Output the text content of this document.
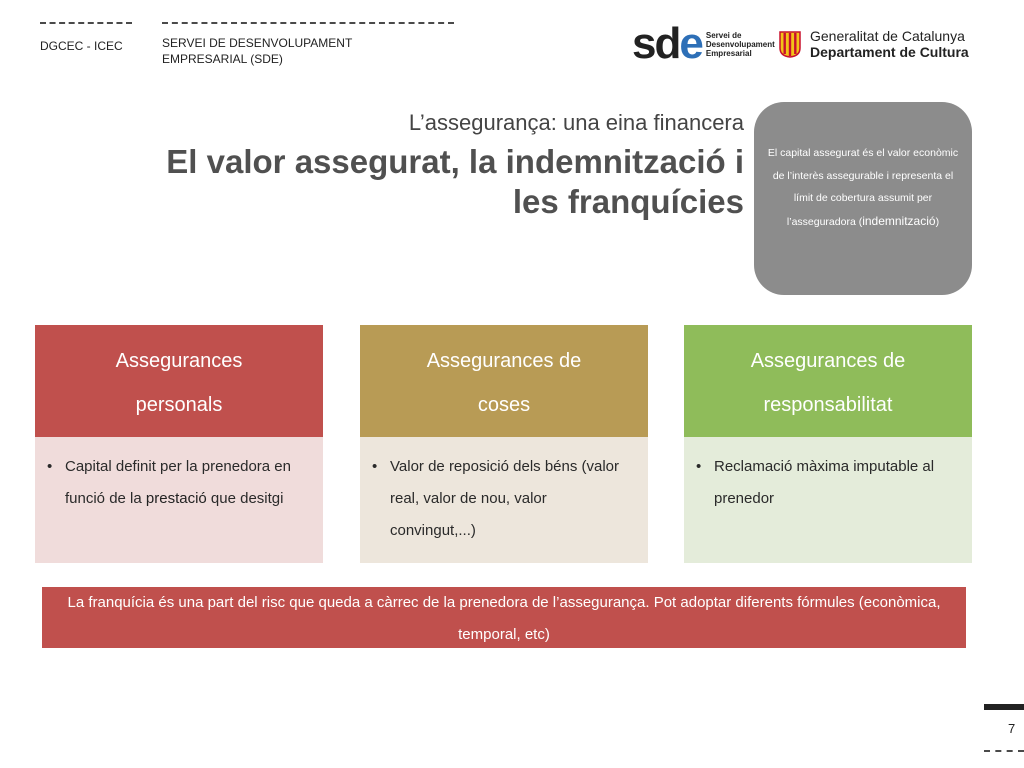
DGCEC - ICEC	SERVEI DE DESENVOLUPAMENT
EMPRESARIAL (SDE)	sde Servei de
Desenvolupament
Empresarial
Generalitat de Catalunya
Departament de Cultura
L’assegurança: una eina financera
El valor assegurat, la indemnització i
les franquícies
El capital assegurat és el valor econòmic de l’interès assegurable i representa el límit de cobertura assumit per l’asseguradora (indemnització)
Assegurances
personals
• Capital definit per la prenedora en funció de la prestació que desitgi
Assegurances de
coses
• Valor de reposició dels béns (valor real, valor de nou, valor convingut,...)
Assegurances de
responsabilitat
• Reclamació màxima imputable al prenedor
La franquícia és una part del risc que queda a càrrec de la prenedora de l’assegurança. Pot adoptar diferents fórmules (econòmica, temporal, etc)
7
